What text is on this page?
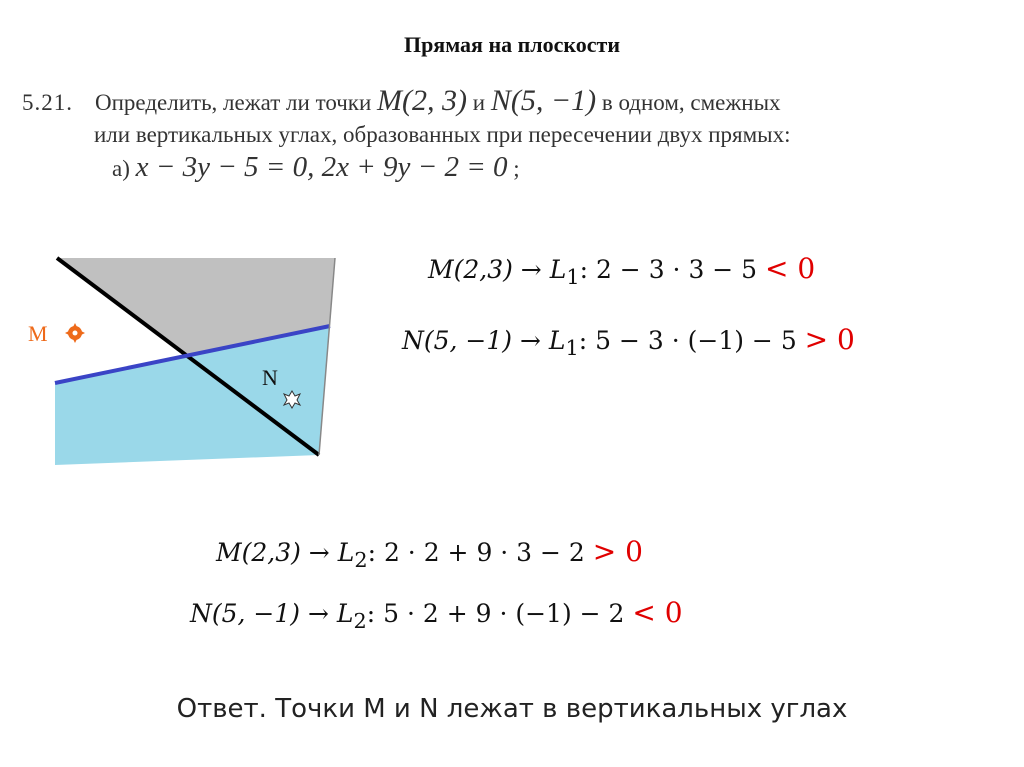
Прямая на плоскости
5.21. Определить, лежат ли точки M(2, 3) и N(5, −1) в одном, смежных
или вертикальных углах, образованных при пересечении двух прямых:
а) x − 3y − 5 = 0, 2x + 9y − 2 = 0 ;
M
N
$M(2,3) \to L_1$: 2 − 3 · 3 − 5 < 0
N(5, $-1) \to L_1$: 5 − 3 · (−1) − 5 > 0
$M(2,3) \to L_2$: 2 · 2 + 9 · 3 − 2 > 0
N(5, $-1) \to L_2$: 5 · 2 + 9 · (−1) − 2 < 0
Ответ. Точки M и N лежат в вертикальных углах
